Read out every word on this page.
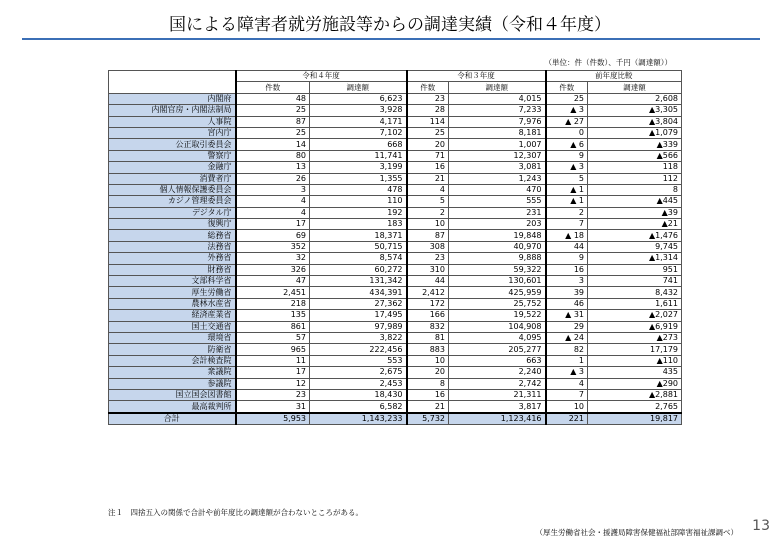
国による障害者就労施設等からの調達実績（令和４年度）
（単位：件（件数）、千円（調達額））
	令和４年度		令和３年度		前年度比較	
	件数	調達額	件数	調達額	件数	調達額
内閣府	48	6,623	23	4,015	25	2,608
内閣官房・内閣法制局	25	3,928	28	7,233	▲ 3	▲3,305
人事院	87	4,171	114	7,976	▲ 27	▲3,804
宮内庁	25	7,102	25	8,181	0	▲1,079
公正取引委員会	14	668	20	1,007	▲ 6	▲339
警察庁	80	11,741	71	12,307	9	▲566
金融庁	13	3,199	16	3,081	▲ 3	118
消費者庁	26	1,355	21	1,243	5	112
個人情報保護委員会	3	478	4	470	▲ 1	8
カジノ管理委員会	4	110	5	555	▲ 1	▲445
デジタル庁	4	192	2	231	2	▲39
復興庁	17	183	10	203	7	▲21
総務省	69	18,371	87	19,848	▲ 18	▲1,476
法務省	352	50,715	308	40,970	44	9,745
外務省	32	8,574	23	9,888	9	▲1,314
財務省	326	60,272	310	59,322	16	951
文部科学省	47	131,342	44	130,601	3	741
厚生労働省	2,451	434,391	2,412	425,959	39	8,432
農林水産省	218	27,362	172	25,752	46	1,611
経済産業省	135	17,495	166	19,522	▲ 31	▲2,027
国土交通省	861	97,989	832	104,908	29	▲6,919
環境省	57	3,822	81	4,095	▲ 24	▲273
防衛省	965	222,456	883	205,277	82	17,179
会計検査院	11	553	10	663	1	▲110
衆議院	17	2,675	20	2,240	▲ 3	435
参議院	12	2,453	8	2,742	4	▲290
国立国会図書館	23	18,430	16	21,311	7	▲2,881
最高裁判所	31	6,582	21	3,817	10	2,765
合計	5,953	1,143,233	5,732	1,123,416	221	19,817
注１　四捨五入の関係で合計や前年度比の調達額が合わないところがある。
（厚生労働省社会・援護局障害保健福祉部障害福祉課調べ） 13
